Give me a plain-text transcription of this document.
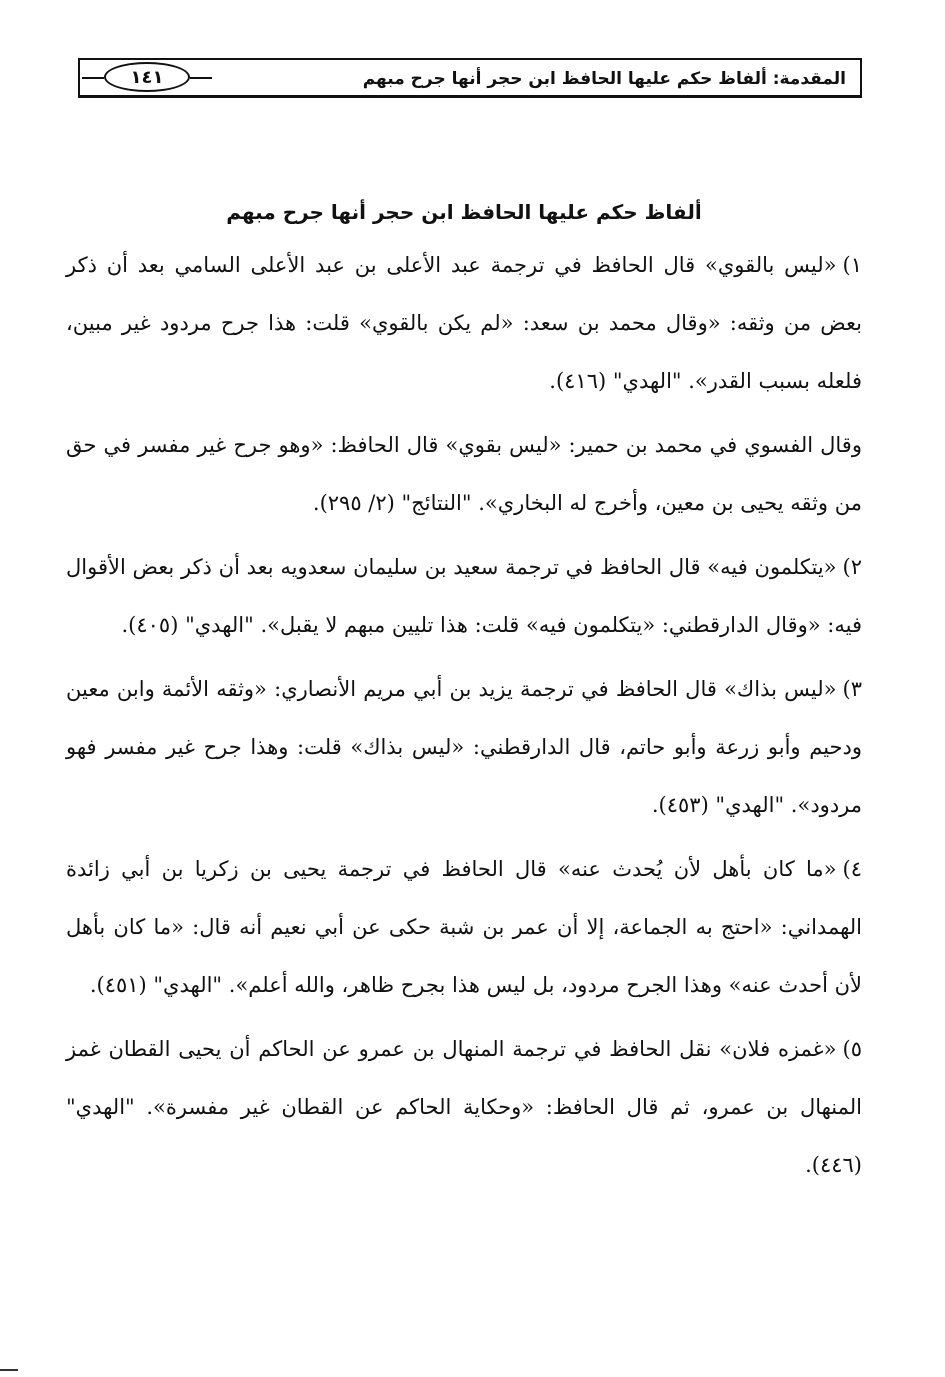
المقدمة: ألفاظ حكم عليها الحافظ ابن حجر أنها جرح مبهم
١٤١
ألفاظ حكم عليها الحافظ ابن حجر أنها جرح مبهم

١)«ليس بالقوي» قال الحافظ في ترجمة عبد الأعلى بن عبد الأعلى السامي بعد أن ذكر بعض من وثقه: «وقال محمد بن سعد: «لم يكن بالقوي» قلت: هذا جرح مردود غير مبين، فلعله بسبب القدر». "الهدي" (٤١٦).

وقال الفسوي في محمد بن حمير: «ليس بقوي» قال الحافظ: «وهو جرح غير مفسر في حق من وثقه يحيى بن معين، وأخرج له البخاري». "النتائج" (٢/ ٢٩٥).

٢)«يتكلمون فيه» قال الحافظ في ترجمة سعيد بن سليمان سعدويه بعد أن ذكر بعض الأقوال فيه: «وقال الدارقطني: «يتكلمون فيه» قلت: هذا تليين مبهم لا يقبل». "الهدي" (٤٠٥).

٣)«ليس بذاك» قال الحافظ في ترجمة يزيد بن أبي مريم الأنصاري: «وثقه الأئمة وابن معين ودحيم وأبو زرعة وأبو حاتم، قال الدارقطني: «ليس بذاك» قلت: وهذا جرح غير مفسر فهو مردود». "الهدي" (٤٥٣).

٤)«ما كان بأهل لأن يُحدث عنه» قال الحافظ في ترجمة يحيى بن زكريا بن أبي زائدة الهمداني: «احتج به الجماعة، إلا أن عمر بن شبة حكى عن أبي نعيم أنه قال: «ما كان بأهل لأن أحدث عنه» وهذا الجرح مردود، بل ليس هذا بجرح ظاهر، والله أعلم». "الهدي" (٤٥١).

٥)«غمزه فلان» نقل الحافظ في ترجمة المنهال بن عمرو عن الحاكم أن يحيى القطان غمز المنهال بن عمرو، ثم قال الحافظ: «وحكاية الحاكم عن القطان غير مفسرة». "الهدي" (٤٤٦).
